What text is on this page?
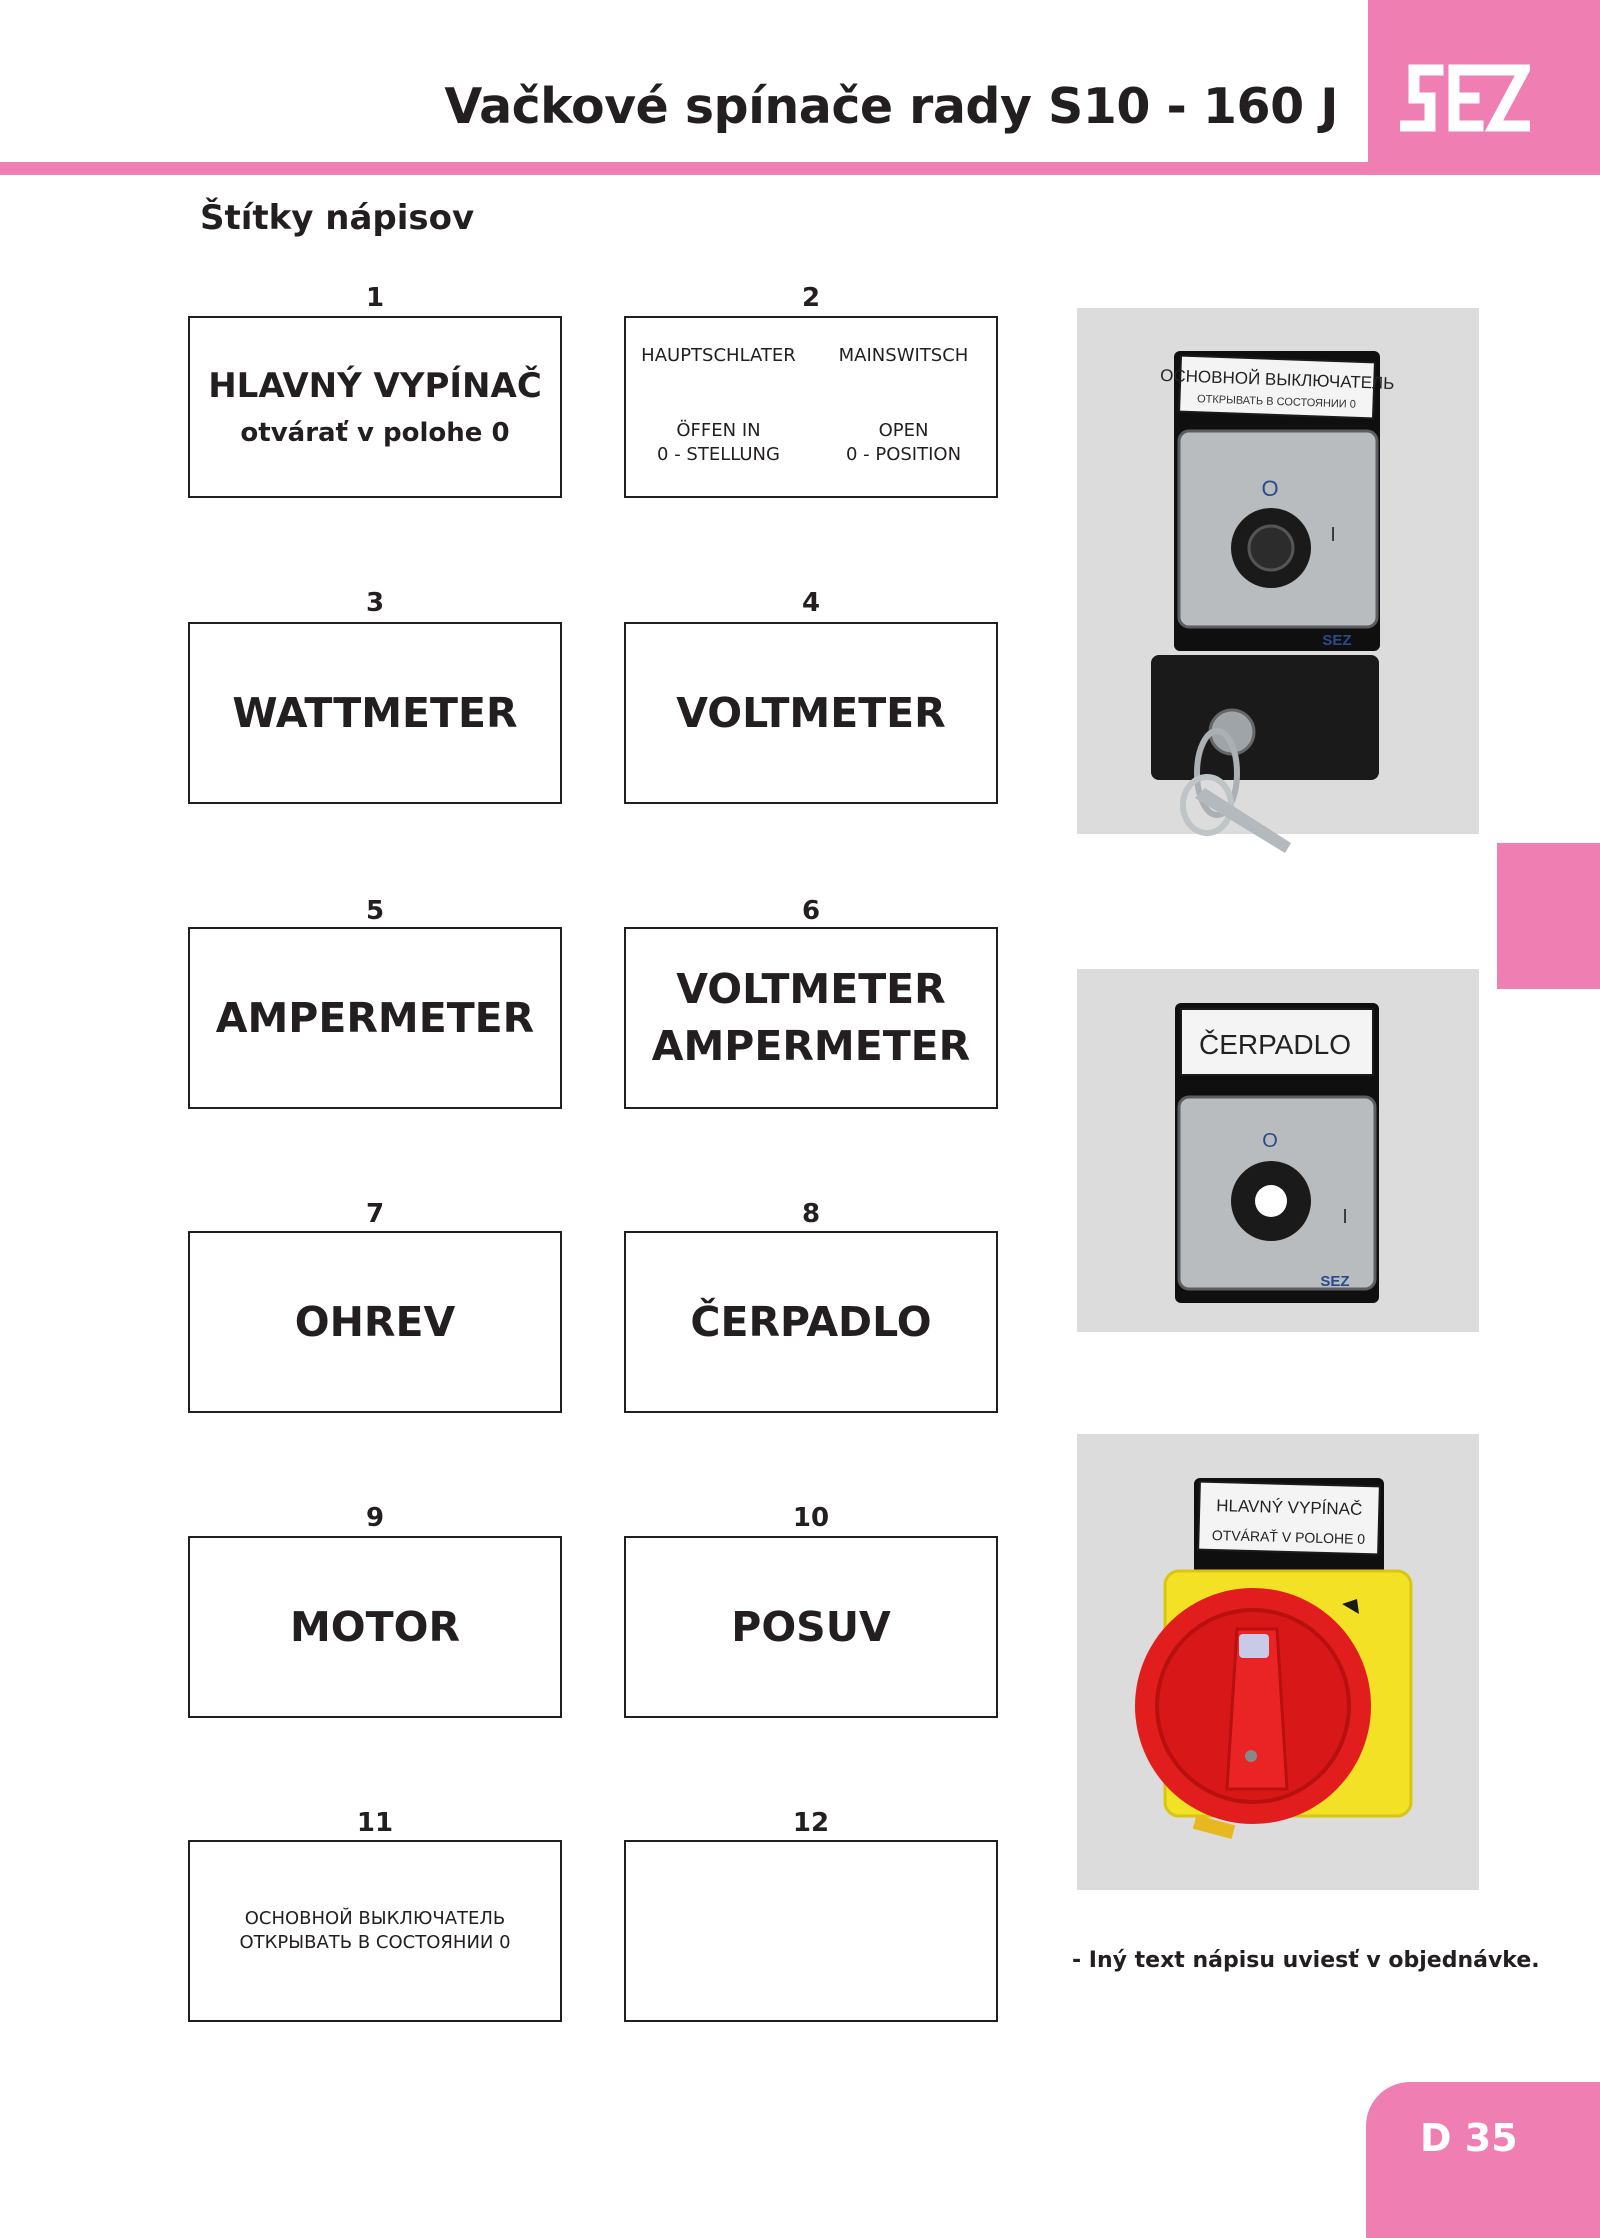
Vačkové spínače rady S10 - 160 J
Štítky nápisov
1
HLAVNÝ VYPÍNAČ
otvárať v polohe 0
2
HAUPTSCHLATER	MAINSWITSCH
ÖFFEN IN
0 - STELLUNG
OPEN
0 - POSITION
3
WATTMETER
4
VOLTMETER
5
AMPERMETER
6
VOLTMETER
AMPERMETER
7
OHREV
8
ČERPADLO
9
MOTOR
10
POSUV
11
ОСНОВНОЙ ВЫКЛЮЧАТЕЛЬ
ОТКРЫВАТЬ В СОСТОЯНИИ 0
12
ОСНОВНОЙ ВЫКЛЮЧАТЕЛЬ
ОТКРЫВАТЬ В СОСТОЯНИИ 0
O
I
SEZ
ČERPADLO
O
I
SEZ
HLAVNÝ VYPÍNAČ
OTVÁRAŤ V POLOHE 0
- Iný text nápisu uviesť v objednávke.
D 35
